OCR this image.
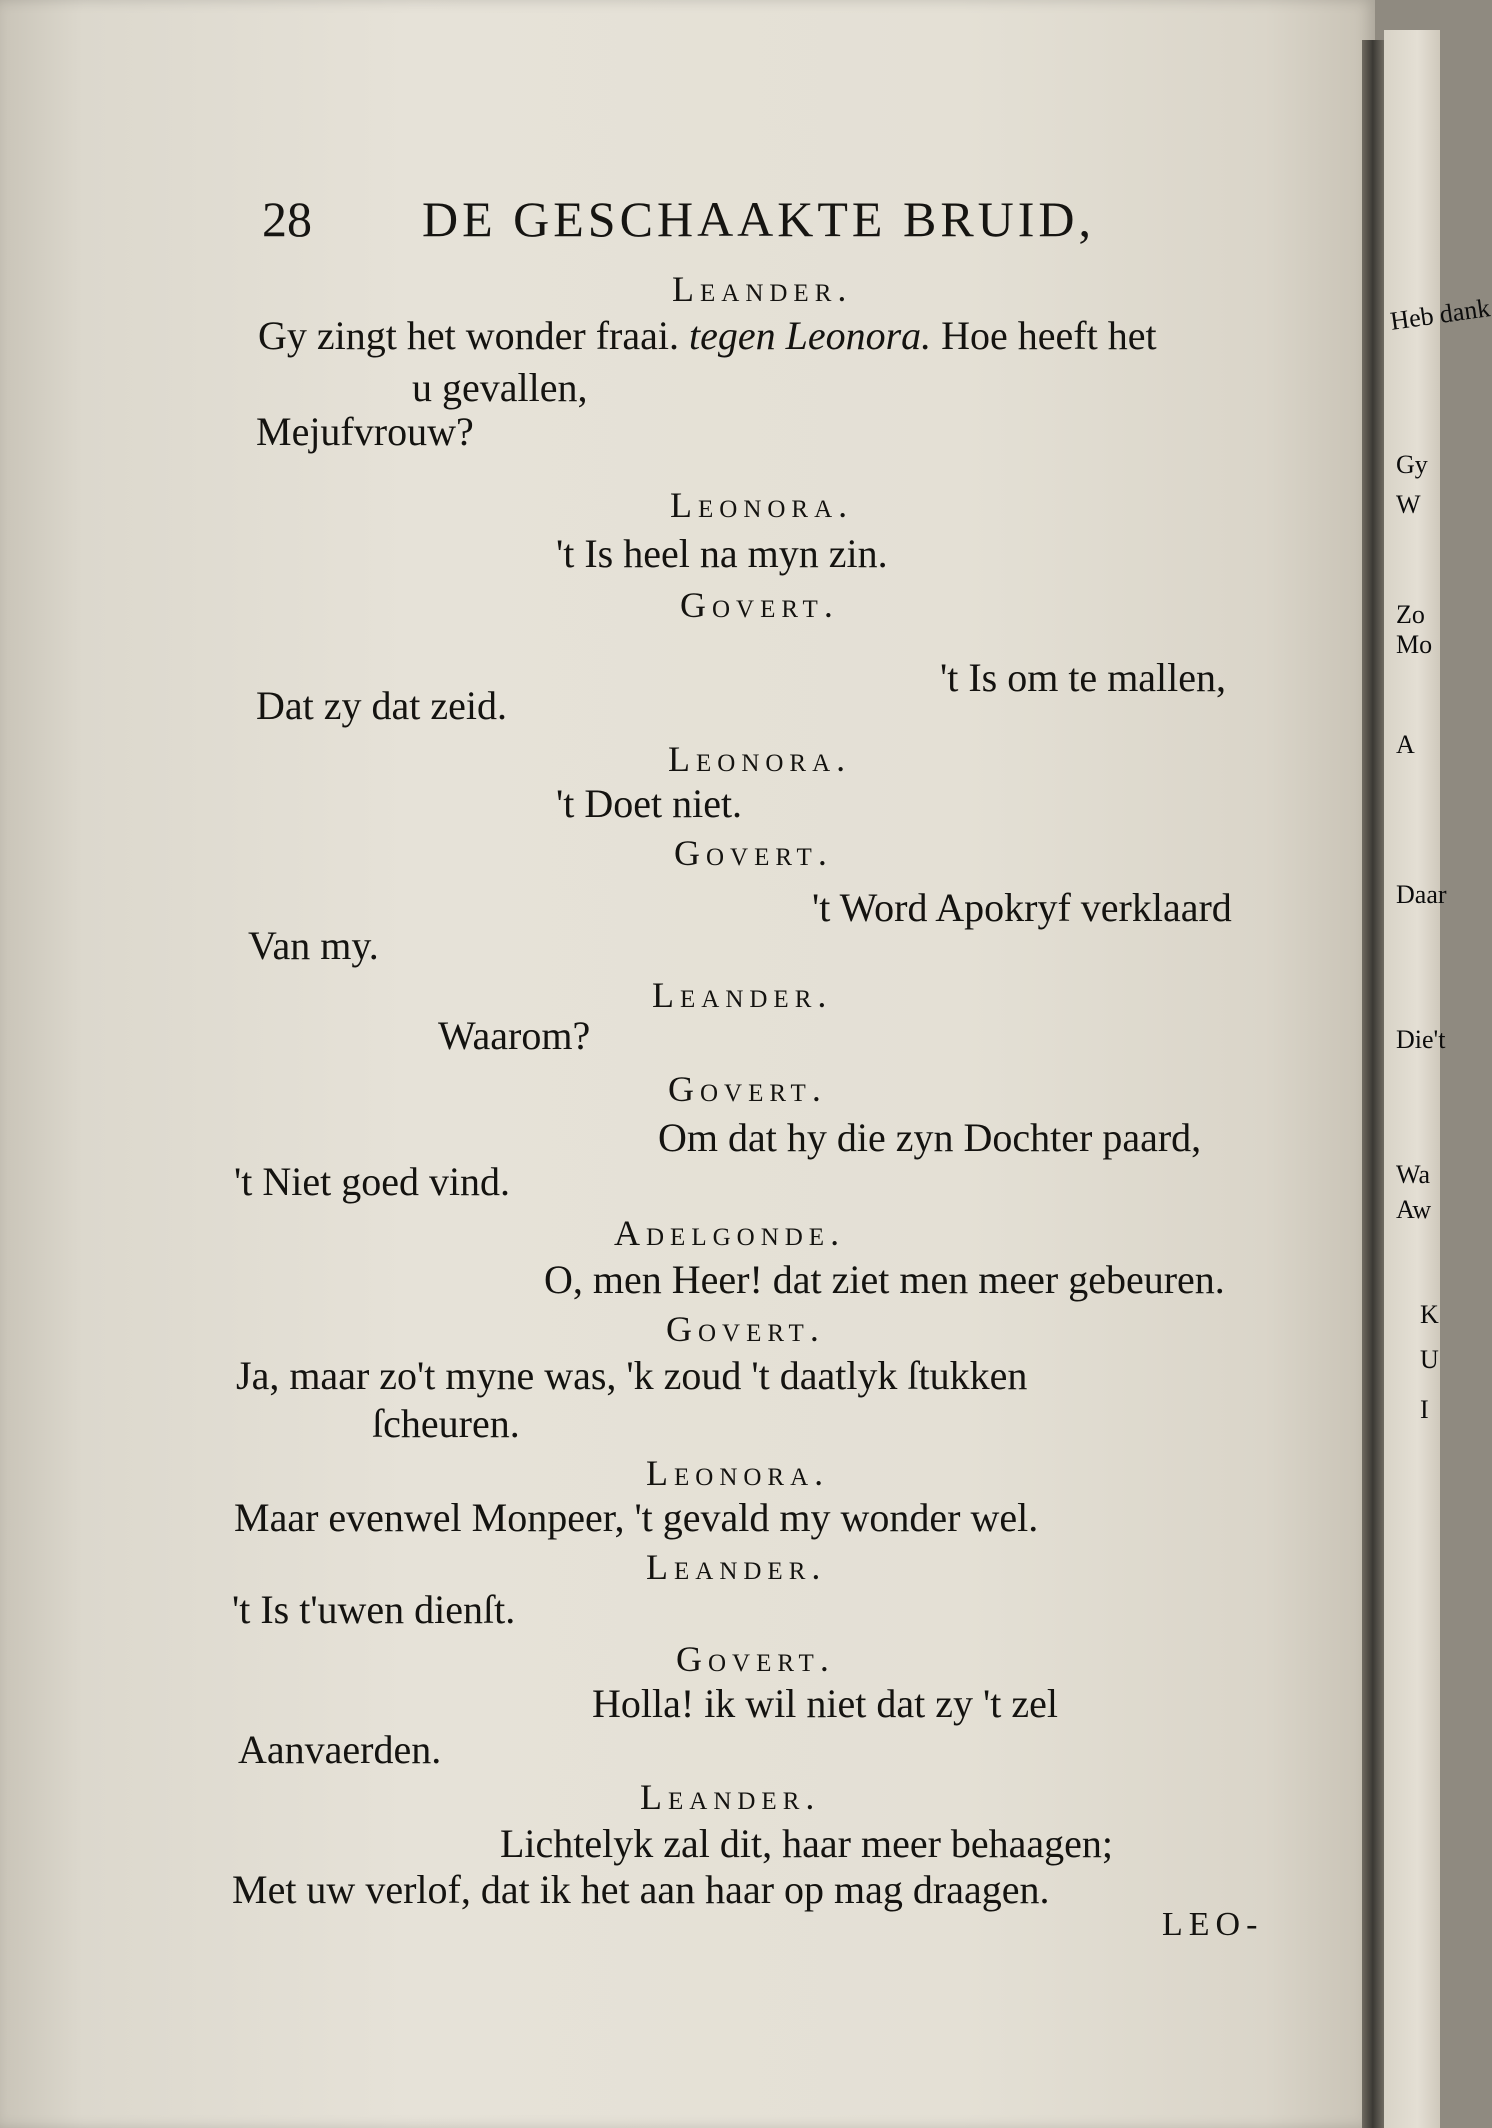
Heb dank
Gy
W
Zo
Mo
A
Daar
Die't
Wa
Aw
K
U
I
28 DE GESCHAAKTE BRUID,
Leander.
Gy zingt het wonder fraai. tegen Leonora. Hoe heeft het
u gevallen,
Mejufvrouw?
Leonora.
't Is heel na myn zin.
Govert.
't Is om te mallen,
Dat zy dat zeid.
Leonora.
't Doet niet.
Govert.
't Word Apokryf verklaard
Van my.
Leander.
Waarom?
Govert.
Om dat hy die zyn Dochter paard,
't Niet goed vind.
Adelgonde.
O, men Heer! dat ziet men meer gebeuren.
Govert.
Ja, maar zo't myne was, 'k zoud 't daatlyk ſtukken
ſcheuren.
Leonora.
Maar evenwel Monpeer, 't gevald my wonder wel.
Leander.
't Is t'uwen dienſt.
Govert.
Holla! ik wil niet dat zy 't zel
Aanvaerden.
Leander.
Lichtelyk zal dit, haar meer behaagen;
Met uw verlof, dat ik het aan haar op mag draagen.
LEO-
